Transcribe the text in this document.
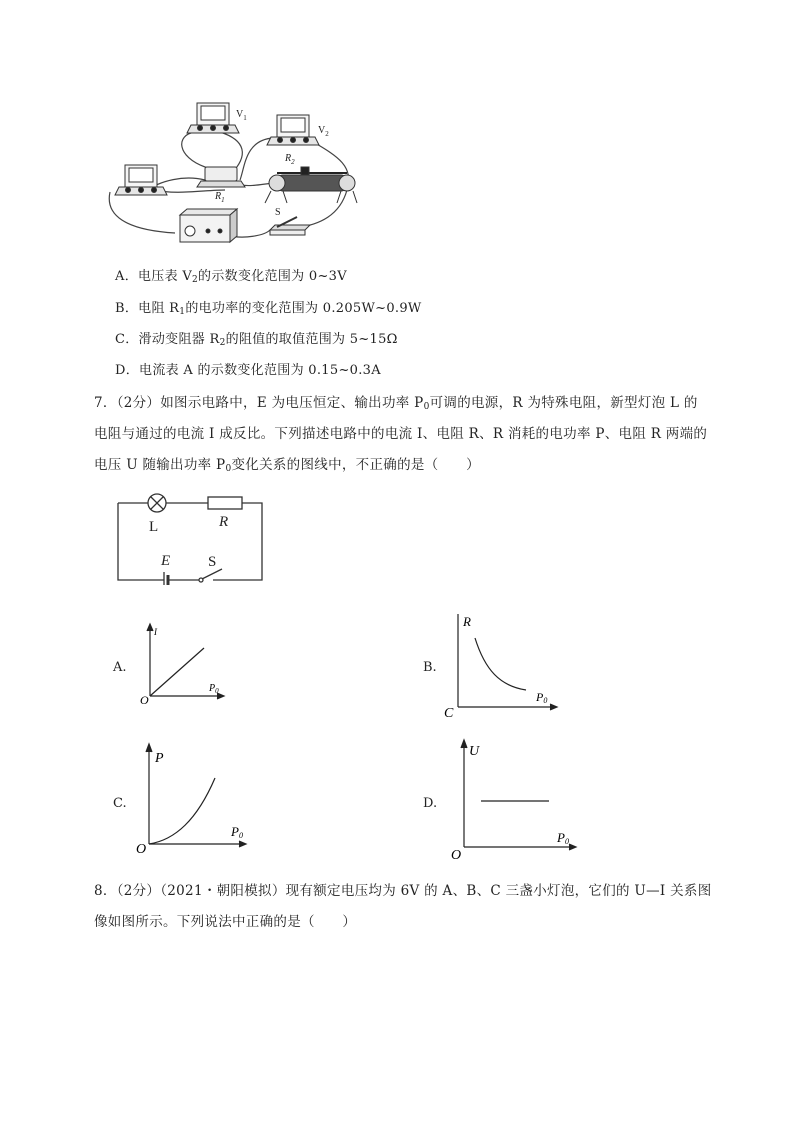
$V_1$
$V_2$
$R_1$
$R_2$
S
A．电压表 $V_2$的示数变化范围为 0~3V
B．电阻 $R_1$的电功率的变化范围为 0.205W~0.9W
C．滑动变阻器 $R_2$的阻值的取值范围为 5~15Ω
D．电流表 A 的示数变化范围为 0.15~0.3A
7．（2分）如图示电路中，E 为电压恒定、输出功率 $P_0$可调的电源，R 为特殊电阻，新型灯泡 L 的
电阻与通过的电流 I 成反比。下列描述电路中的电流 I、电阻 R、R 消耗的电功率 P、电阻 R 两端的
电压 U 随输出功率 $P_0$变化关系的图线中，不正确的是（　　）
L	R
E	S
A.
I
O
$P_0$
B.
R
C
P0
C.
P
O
P0
D.
U
O
P0
8．（2分）（2021・朝阳模拟）现有额定电压均为 6V 的 A、B、C 三盏小灯泡，它们的 U—I 关系图
像如图所示。下列说法中正确的是（　　）
